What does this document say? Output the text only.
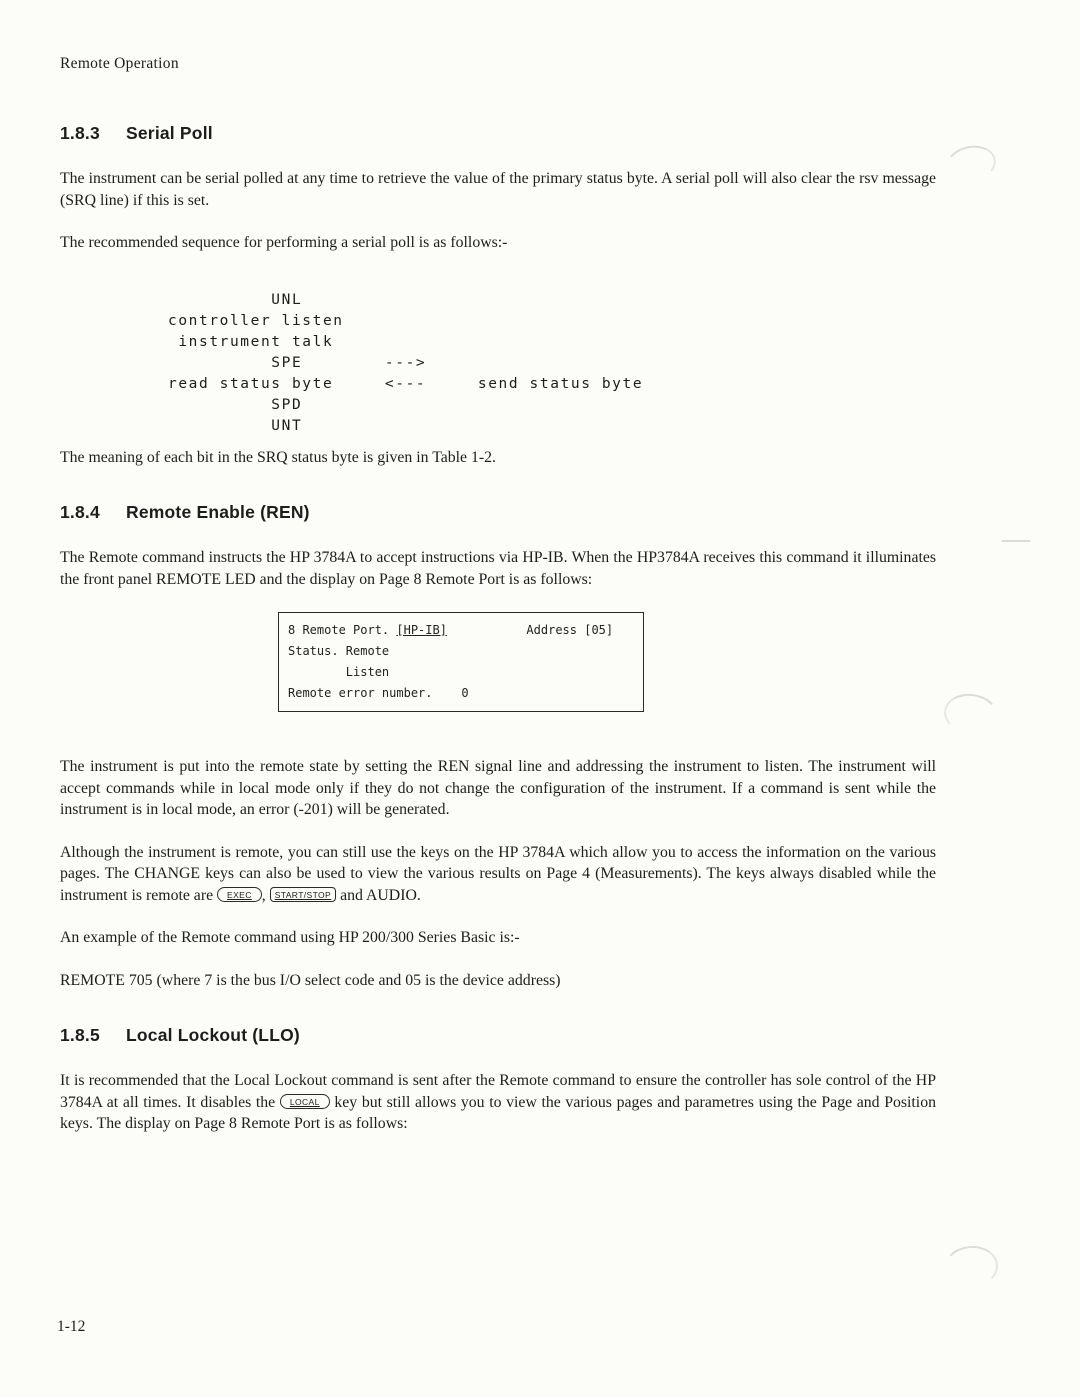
Remote Operation
1.8.3 Serial Poll

The instrument can be serial polled at any time to retrieve the value of the primary status byte. A serial poll will also clear the rsv message (SRQ line) if this is set.

The recommended sequence for performing a serial poll is as follows:-

UNL
controller listen
instrument talk
SPE        --->
read status byte     <---     send status byte
SPD
UNT

The meaning of each bit in the SRQ status byte is given in Table 1-2.

1.8.4 Remote Enable (REN)

The Remote command instructs the HP 3784A to accept instructions via HP-IB. When the HP3784A receives this command it illuminates the front panel REMOTE LED and the display on Page 8 Remote Port is as follows:

8 Remote Port. [HP-IB]           Address [05]
Status. Remote
Listen
Remote error number.    0

The instrument is put into the remote state by setting the REN signal line and addressing the instrument to listen. The instrument will accept commands while in local mode only if they do not change the configuration of the instrument. If a command is sent while the instrument is in local mode, an error (-201) will be generated.

Although the instrument is remote, you can still use the keys on the HP 3784A which allow you to access the information on the various pages. The CHANGE keys can also be used to view the various results on Page 4 (Measurements). The keys always disabled while the instrument is remote are EXEC , START/STOP and AUDIO.

An example of the Remote command using HP 200/300 Series Basic is:-

REMOTE 705 (where 7 is the bus I/O select code and 05 is the device address)

1.8.5 Local Lockout (LLO)

It is recommended that the Local Lockout command is sent after the Remote command to ensure the controller has sole control of the HP 3784A at all times. It disables the LOCAL key but still allows you to view the various pages and parametres using the Page and Position keys. The display on Page 8 Remote Port is as follows:

1-12
